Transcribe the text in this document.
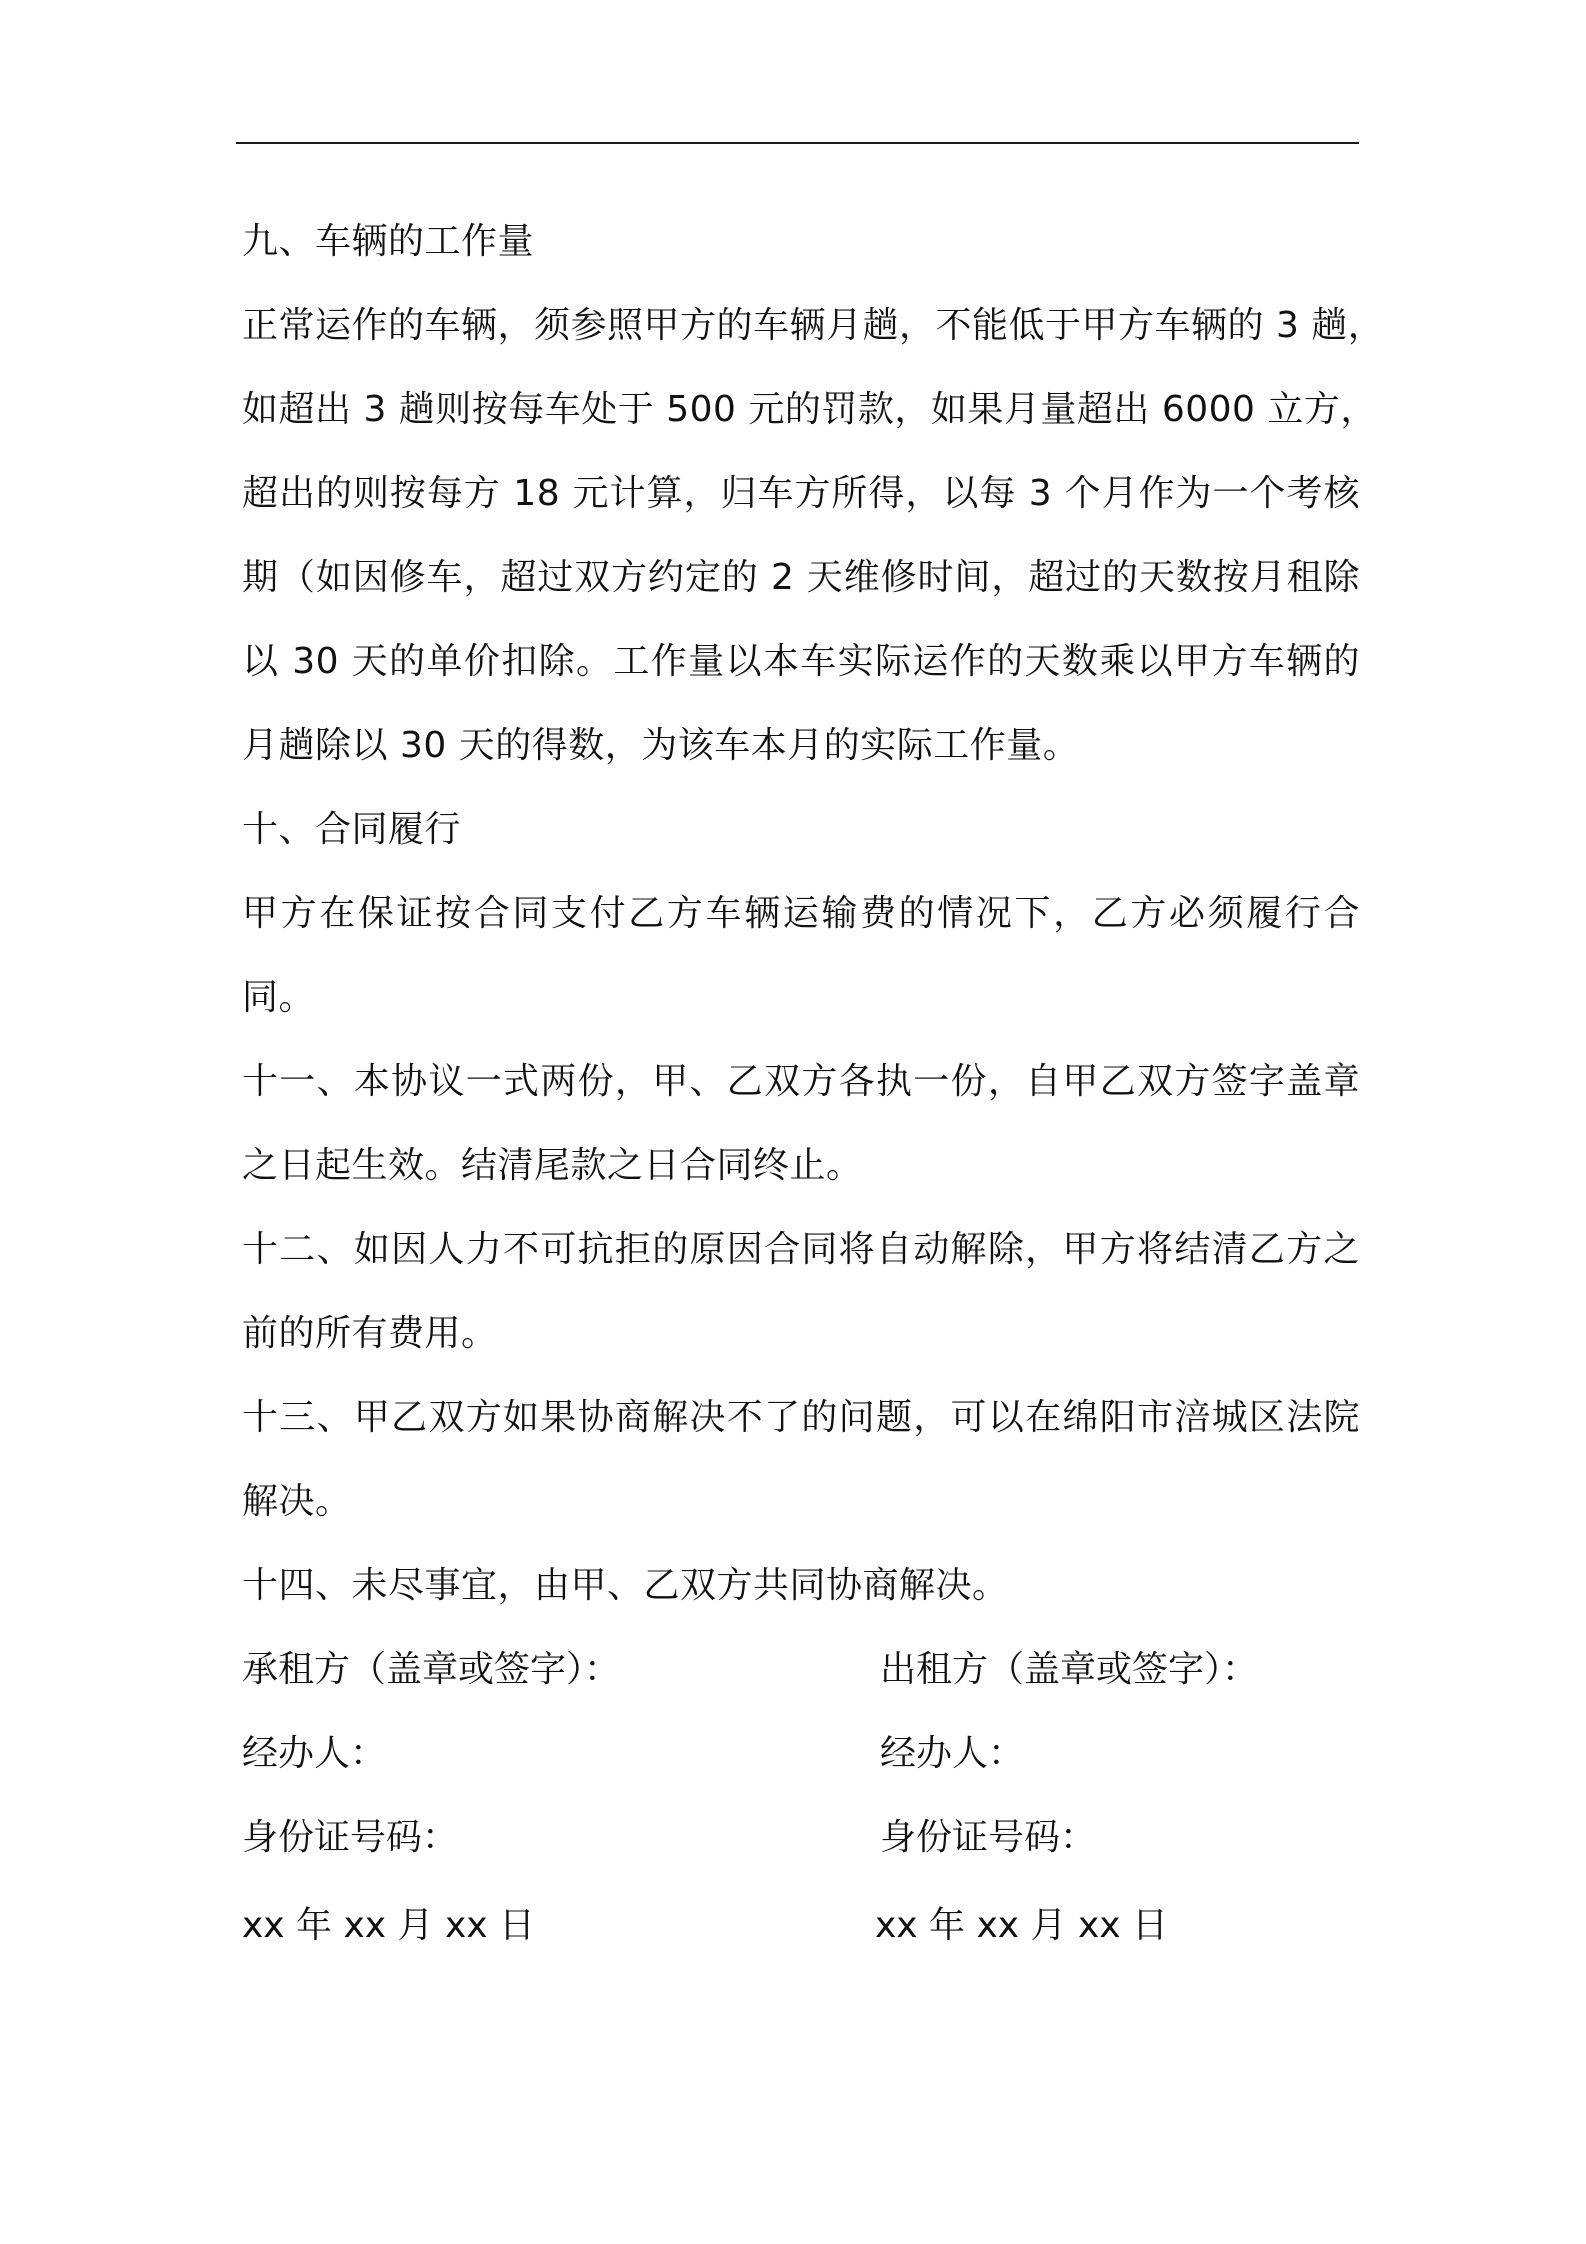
九、车辆的工作量
正常运作的车辆，须参照甲方的车辆月趟，不能低于甲方车辆的 3 趟，
如超出 3 趟则按每车处于 500 元的罚款，如果月量超出 6000 立方，
超出的则按每方 18 元计算，归车方所得，以每 3 个月作为一个考核
期（如因修车，超过双方约定的 2 天维修时间，超过的天数按月租除
以 30 天的单价扣除。工作量以本车实际运作的天数乘以甲方车辆的
月趟除以 30 天的得数，为该车本月的实际工作量。
十、合同履行
甲方在保证按合同支付乙方车辆运输费的情况下，乙方必须履行合
同。
十一、本协议一式两份，甲、乙双方各执一份，自甲乙双方签字盖章
之日起生效。结清尾款之日合同终止。
十二、如因人力不可抗拒的原因合同将自动解除，甲方将结清乙方之
前的所有费用。
十三、甲乙双方如果协商解决不了的问题，可以在绵阳市涪城区法院
解决。
十四、未尽事宜，由甲、乙双方共同协商解决。
承租方（盖章或签字）：	出租方（盖章或签字）：
经办人：	经办人：
身份证号码：	身份证号码：
xx 年 xx 月 xx 日	xx 年 xx 月 xx 日
